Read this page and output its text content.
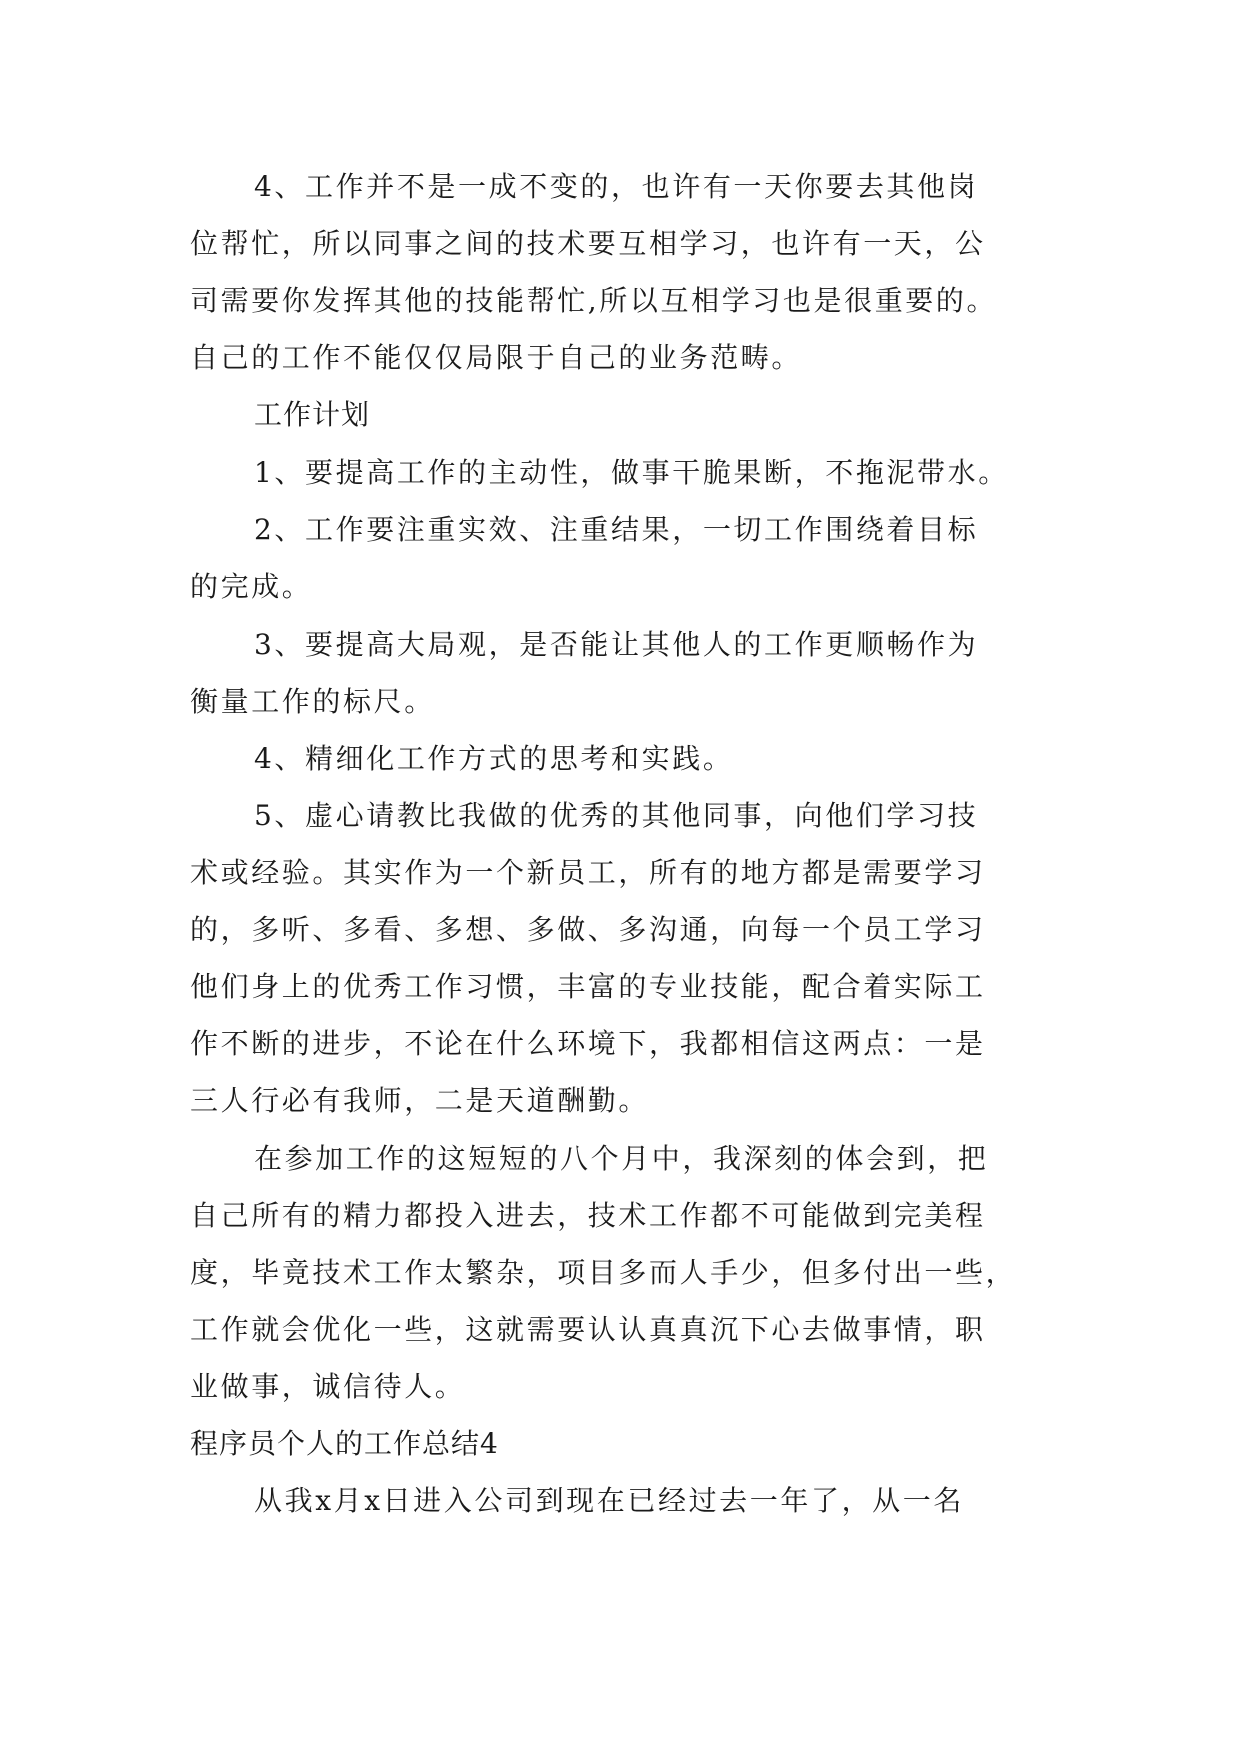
4、工作并不是一成不变的，也许有一天你要去其他岗
位帮忙，所以同事之间的技术要互相学习，也许有一天，公
司需要你发挥其他的技能帮忙,所以互相学习也是很重要的。
自己的工作不能仅仅局限于自己的业务范畴。
工作计划
1、要提高工作的主动性，做事干脆果断，不拖泥带水。
2、工作要注重实效、注重结果，一切工作围绕着目标
的完成。
3、要提高大局观，是否能让其他人的工作更顺畅作为
衡量工作的标尺。
4、精细化工作方式的思考和实践。
5、虚心请教比我做的优秀的其他同事，向他们学习技
术或经验。其实作为一个新员工，所有的地方都是需要学习
的，多听、多看、多想、多做、多沟通，向每一个员工学习
他们身上的优秀工作习惯，丰富的专业技能，配合着实际工
作不断的进步，不论在什么环境下，我都相信这两点：一是
三人行必有我师，二是天道酬勤。
在参加工作的这短短的八个月中，我深刻的体会到，把
自己所有的精力都投入进去，技术工作都不可能做到完美程
度，毕竟技术工作太繁杂，项目多而人手少，但多付出一些，
工作就会优化一些，这就需要认认真真沉下心去做事情，职
业做事，诚信待人。
程序员个人的工作总结4
从我x月x日进入公司到现在已经过去一年了，从一名
